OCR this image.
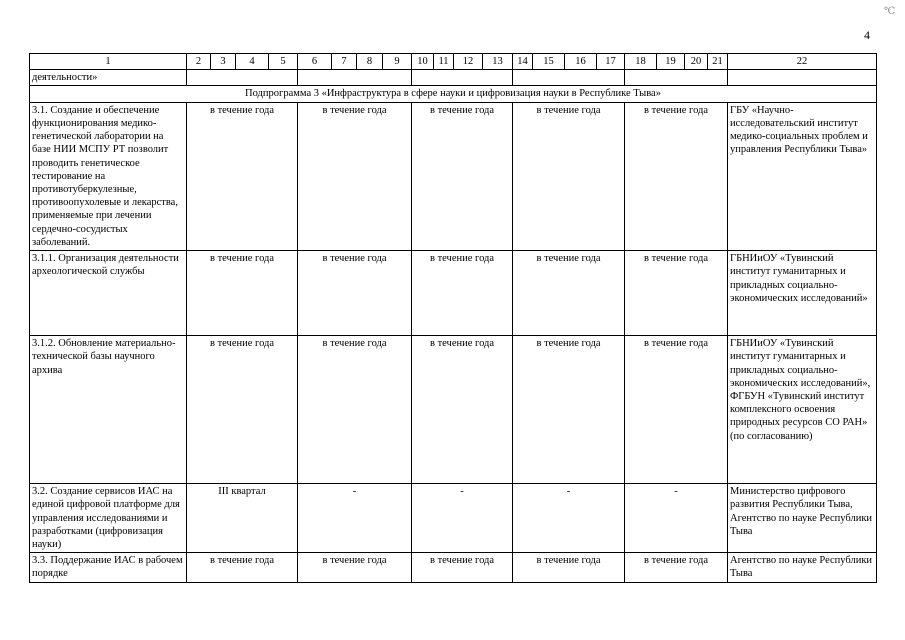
℃
4
1	2	3	4	5	6	7	8	9	10	11	12	13	14	15	16	17	18	19	20	21	22
деятельности»																					
Подпрограмма 3 «Инфраструктура в сфере науки и цифровизация науки в Республике Тыва»																					
3.1. Создание и обеспечение функционирования медико-генетической лаборатории на базе НИИ МСПУ РТ позволит проводить генетическое тестирование на противотуберкулезные, противоопухолевые и лекарства, применяемые при лечении сердечно-сосудистых заболеваний.	в течение года				в течение года				в течение года				в течение года				в течение года				ГБУ «Научно-исследовательский институт медико-социальных проблем и управления Республики Тыва»
3.1.1. Организация деятельности археологической службы	в течение года				в течение года				в течение года				в течение года				в течение года				ГБНИиОУ «Тувинский институт гуманитарных и прикладных социально-экономических исследований»
3.1.2. Обновление материально-технической базы научного архива	в течение года				в течение года				в течение года				в течение года				в течение года				ГБНИиОУ «Тувинский институт гуманитарных и прикладных социально-экономических исследований», ФГБУН «Тувинский институт комплексного освоения природных ресурсов СО РАН» (по согласованию)
3.2. Создание сервисов ИАС на единой цифровой платформе для управления исследованиями и разработками (цифровизация науки)	III квартал				-				-				-				-				Министерство цифрового развития Республики Тыва, Агентство по науке Республики Тыва
3.3. Поддержание ИАС в рабочем порядке	в течение года				в течение года				в течение года				в течение года				в течение года				Агентство по науке Республики Тыва
